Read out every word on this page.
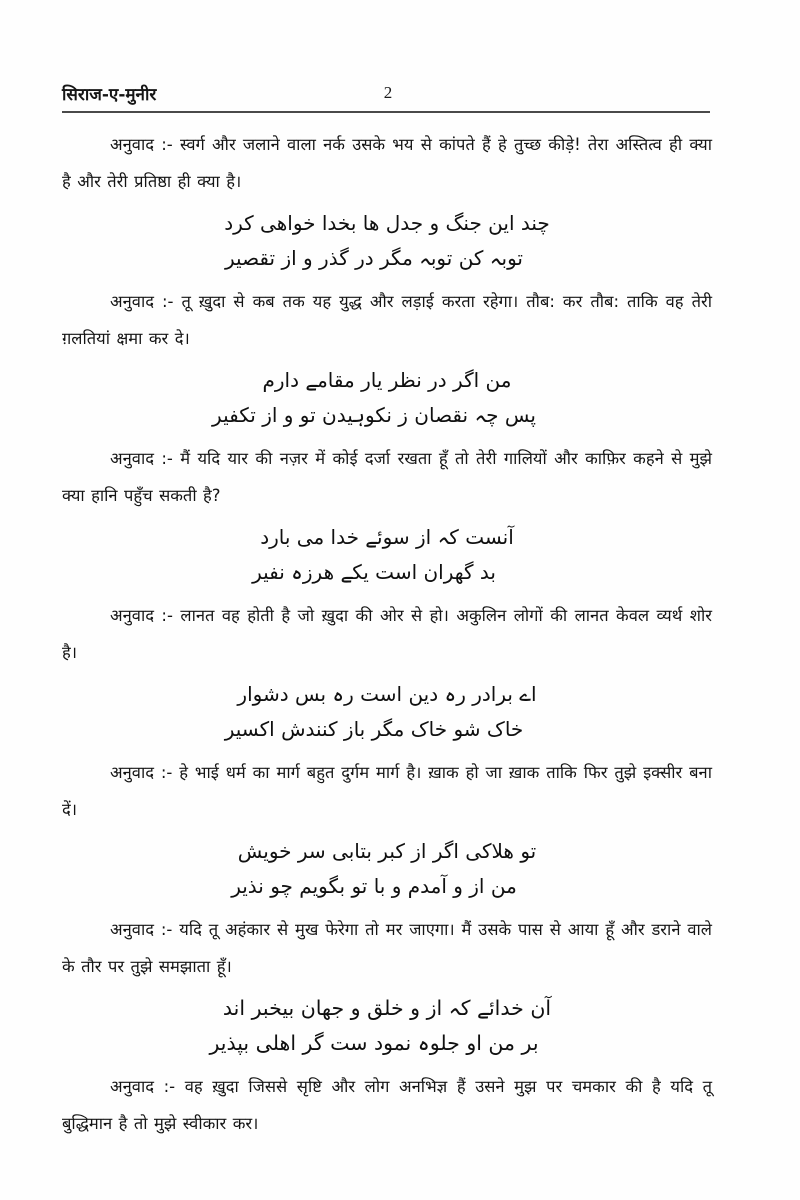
सिराज-ए-मुनीर	2

अनुवाद :- स्वर्ग और जलाने वाला नर्क उसके भय से कांपते हैं हे तुच्छ कीड़े! तेरा अस्तित्व ही क्या है और तेरी प्रतिष्ठा ही क्या है।

چند این جنگ و جدل ها بخدا خواهی کرد
توبہ کن توبہ مگر در گذر و از تقصیر

अनुवाद :- तू ख़ुदा से कब तक यह युद्ध और लड़ाई करता रहेगा। तौब: कर तौब: ताकि वह तेरी ग़लतियां क्षमा कर दे।

من اگر در نظر یار مقامے دارم
پس چہ نقصان ز نکوہیدن تو و از تکفیر

अनुवाद :- मैं यदि यार की नज़र में कोई दर्जा रखता हूँ तो तेरी गालियों और काफ़िर कहने से मुझे क्या हानि पहुँच सकती है?

آنست کہ از سوئے خدا می بارد
بد گھران است یکے ھرزہ نفیر

अनुवाद :- लानत वह होती है जो ख़ुदा की ओर से हो। अकुलिन लोगों की लानत केवल व्यर्थ शोर है।

اے برادر رہ دین است رہ بس دشوار
خاک شو خاک مگر باز کنندش اکسیر

अनुवाद :- हे भाई धर्म का मार्ग बहुत दुर्गम मार्ग है। ख़ाक हो जा ख़ाक ताकि फिर तुझे इक्सीर बना दें।

تو ھلاکی اگر از کبر بتابی سر خویش
من از و آمدم و با تو بگویم چو نذیر

अनुवाद :- यदि तू अहंकार से मुख फेरेगा तो मर जाएगा। मैं उसके पास से आया हूँ और डराने वाले के तौर पर तुझे समझाता हूँ।

آن خدائے کہ از و خلق و جھان بیخبر اند
بر من او جلوہ نمود ست گر اھلی بپذیر

अनुवाद :- वह ख़ुदा जिससे सृष्टि और लोग अनभिज्ञ हैं उसने मुझ पर चमकार की है यदि तू बुद्धिमान है तो मुझे स्वीकार कर।
